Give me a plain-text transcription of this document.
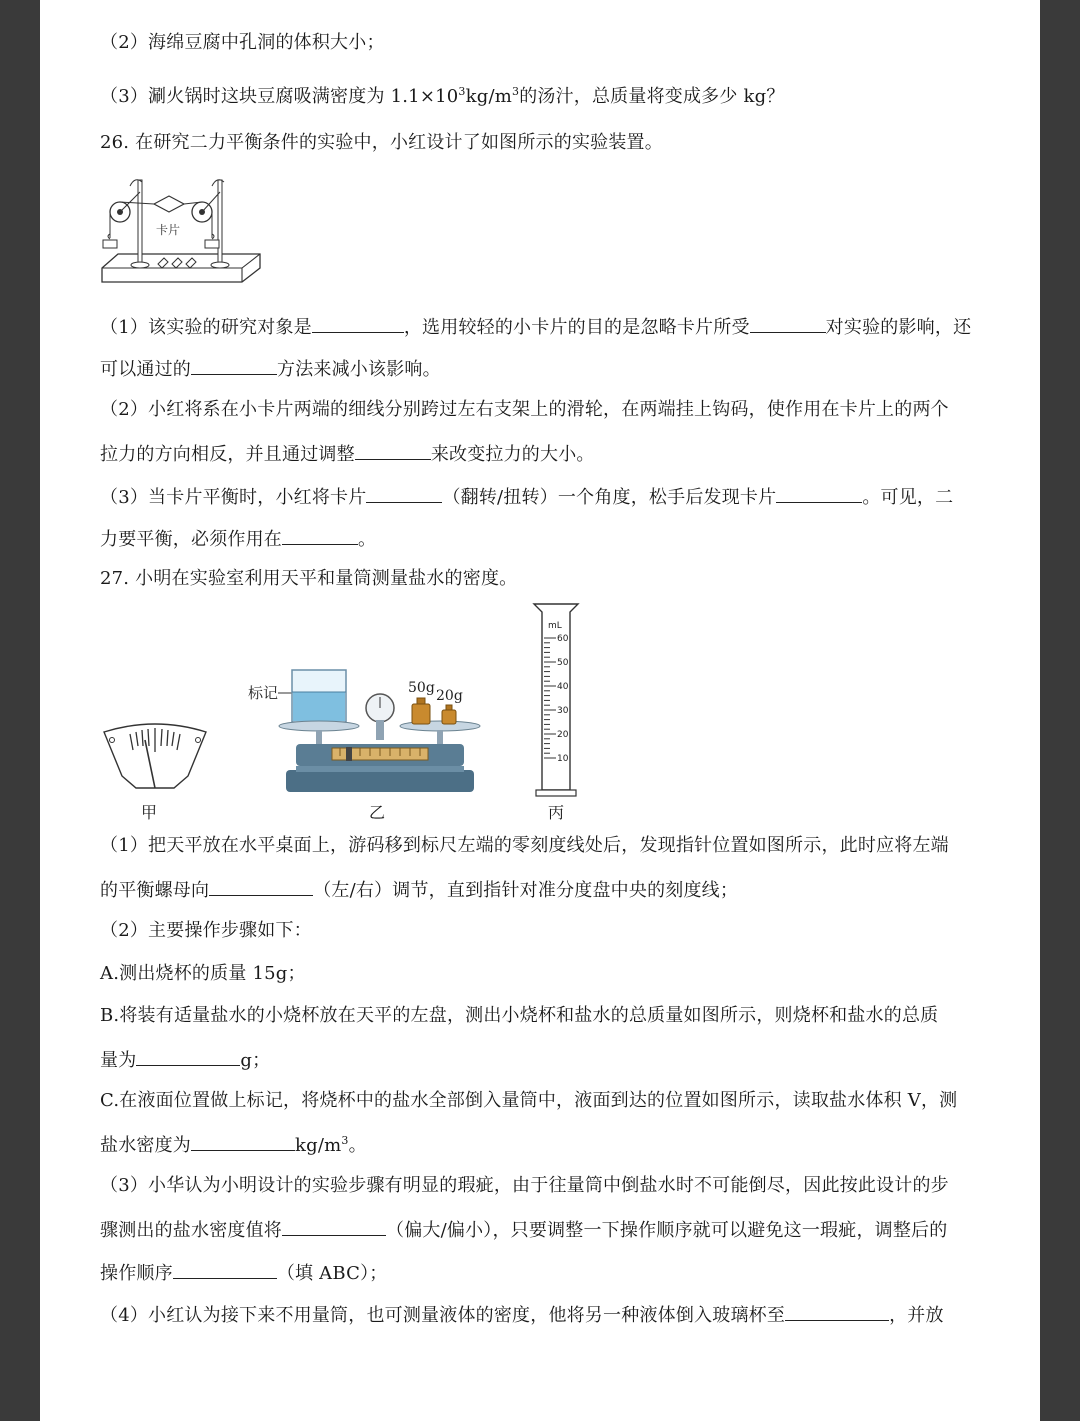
（2）海绵豆腐中孔洞的体积大小；
（3）涮火锅时这块豆腐吸满密度为 $1.1\times 10^3kg/m^3$的汤汁，总质量将变成多少 kg？
26. 在研究二力平衡条件的实验中，小红设计了如图所示的实验装置。
卡片
（1）该实验的研究对象是	，选用较轻的小卡片的目的是忽略卡片所受	对实验的影响，还
可以通过的	方法来减小该影响。
（2）小红将系在小卡片两端的细线分别跨过左右支架上的滑轮，在两端挂上钩码，使作用在卡片上的两个
拉力的方向相反，并且通过调整	来改变拉力的大小。
（3）当卡片平衡时，小红将卡片	（翻转/扭转）一个角度，松手后发现卡片	。可见，二
力要平衡，必须作用在	。
27. 小明在实验室利用天平和量筒测量盐水的密度。
甲
标记	50g 20g
乙
mL
60
50
40
30
20
10
丙
（1）把天平放在水平桌面上，游码移到标尺左端的零刻度线处后，发现指针位置如图所示，此时应将左端
的平衡螺母向	（左/右）调节，直到指针对准分度盘中央的刻度线；
（2）主要操作步骤如下：
A.测出烧杯的质量 15g；
B.将装有适量盐水的小烧杯放在天平的左盘，测出小烧杯和盐水的总质量如图所示，则烧杯和盐水的总质
量为	g；
C.在液面位置做上标记，将烧杯中的盐水全部倒入量筒中，液面到达的位置如图所示，读取盐水体积 V，测
盐水密度为	$kg/m^3$。
（3）小华认为小明设计的实验步骤有明显的瑕疵，由于往量筒中倒盐水时不可能倒尽，因此按此设计的步
骤测出的盐水密度值将	（偏大/偏小），只要调整一下操作顺序就可以避免这一瑕疵，调整后的
操作顺序	（填 ABC）；
（4）小红认为接下来不用量筒，也可测量液体的密度，他将另一种液体倒入玻璃杯至	，并放
